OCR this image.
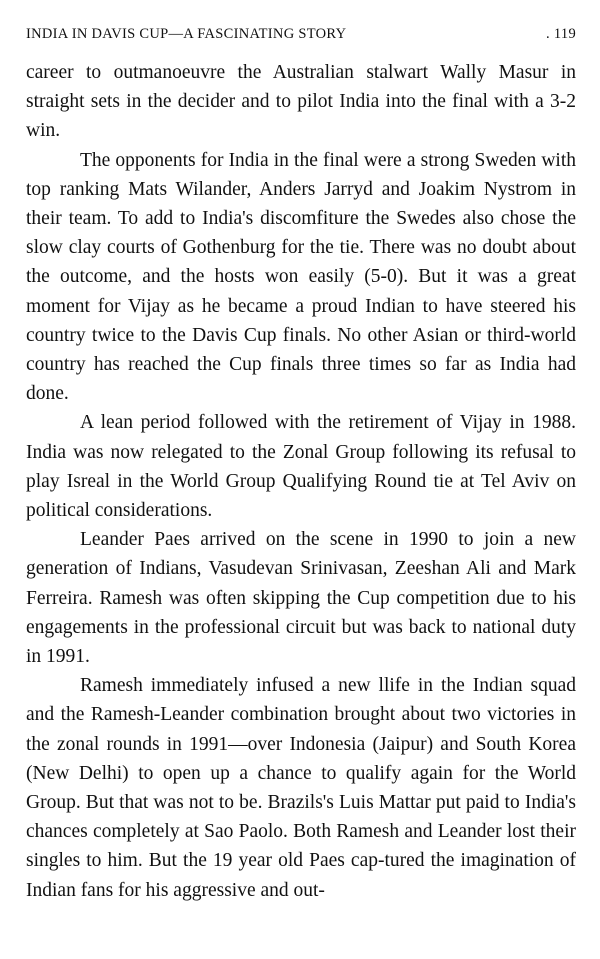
INDIA IN DAVIS CUP—A FASCINATING STORY	. 119

career to outmanoeuvre the Australian stalwart Wally Masur in straight sets in the decider and to pilot India into the final with a 3-2 win.

The opponents for India in the final were a strong Sweden with top ranking Mats Wilander, Anders Jarryd and Joakim Nystrom in their team. To add to India's discomfiture the Swedes also chose the slow clay courts of Gothenburg for the tie. There was no doubt about the outcome, and the hosts won easily (5-0). But it was a great moment for Vijay as he became a proud Indian to have steered his country twice to the Davis Cup finals. No other Asian or third-world country has reached the Cup finals three times so far as India had done.

A lean period followed with the retirement of Vijay in 1988. India was now relegated to the Zonal Group following its refusal to play Isreal in the World Group Qualifying Round tie at Tel Aviv on political considerations.

Leander Paes arrived on the scene in 1990 to join a new generation of Indians, Vasudevan Srinivasan, Zeeshan Ali and Mark Ferreira. Ramesh was often skipping the Cup competition due to his engagements in the professional circuit but was back to national duty in 1991.

Ramesh immediately infused a new llife in the Indian squad and the Ramesh-Leander combination brought about two victories in the zonal rounds in 1991—over Indonesia (Jaipur) and South Korea (New Delhi) to open up a chance to qualify again for the World Group. But that was not to be. Brazils's Luis Mattar put paid to India's chances completely at Sao Paolo. Both Ramesh and Leander lost their singles to him. But the 19 year old Paes cap-tured the imagination of Indian fans for his aggressive and out-
